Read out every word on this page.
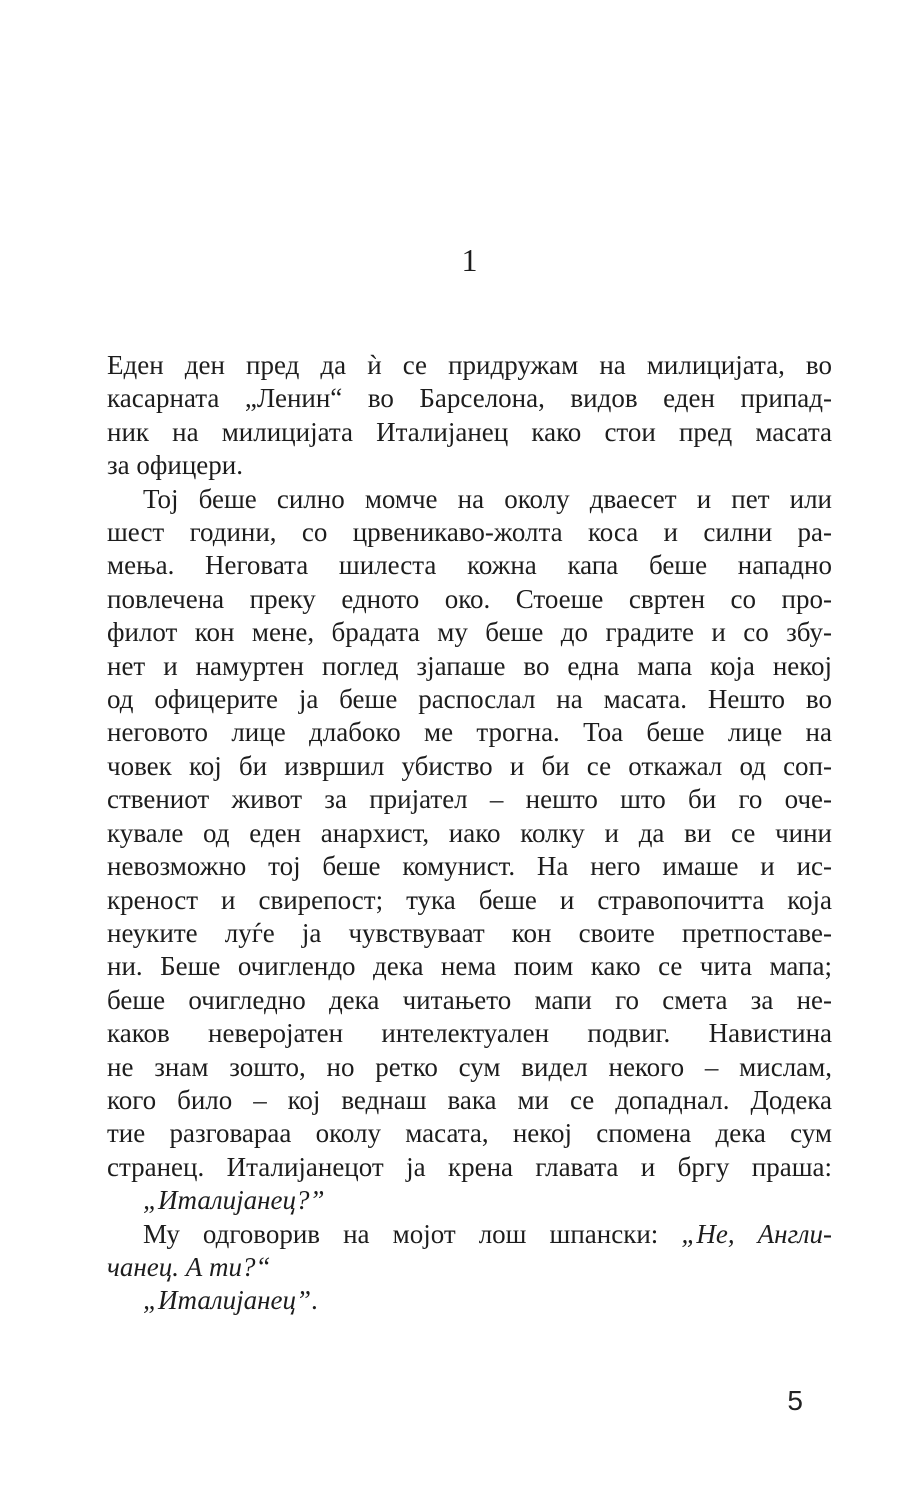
1
Еден ден пред да ѝ се придружам на милицијата, во
касарната „Ленин“ во Барселона, видов еден припад-
ник на милицијата Италијанец како стои пред масата
за офицери.
Тој беше силно момче на околу дваесет и пет или
шест години, со црвеникаво-жолта коса и силни ра-
мења. Неговата шилеста кожна капа беше нападно
повлечена преку едното око. Стоеше свртен со про-
филот кон мене, брадата му беше до градите и со збу-
нет и намуртен поглед зјапаше во една мапа која некој
од офицерите ја беше распослал на масата. Нешто во
неговото лице длабоко ме трогна. Тоа беше лице на
човек кој би извршил убиство и би се откажал од соп-
ствениот живот за пријател – нешто што би го оче-
кувале од еден анархист, иако колку и да ви се чини
невозможно тој беше комунист. На него имаше и ис-
креност и свирепост; тука беше и стравопочитта која
неуките луѓе ја чувствуваат кон своите претпоставе-
ни. Беше очиглендо дека нема поим како се чита мапа;
беше очигледно дека читањето мапи го смета за не-
каков неверојатен интелектуален подвиг. Навистина
не знам зошто, но ретко сум видел некого – мислам,
кого било – кој веднаш вака ми се допаднал. Додека
тие разговараа околу масата, некој спомена дека сум
странец. Италијанецот ја крена главата и бргу праша:
„Италијанец?”
Му одговорив на мојот лош шпански: „Не, Англи-
чанец. А ти?“
„Италијанец”.
5
